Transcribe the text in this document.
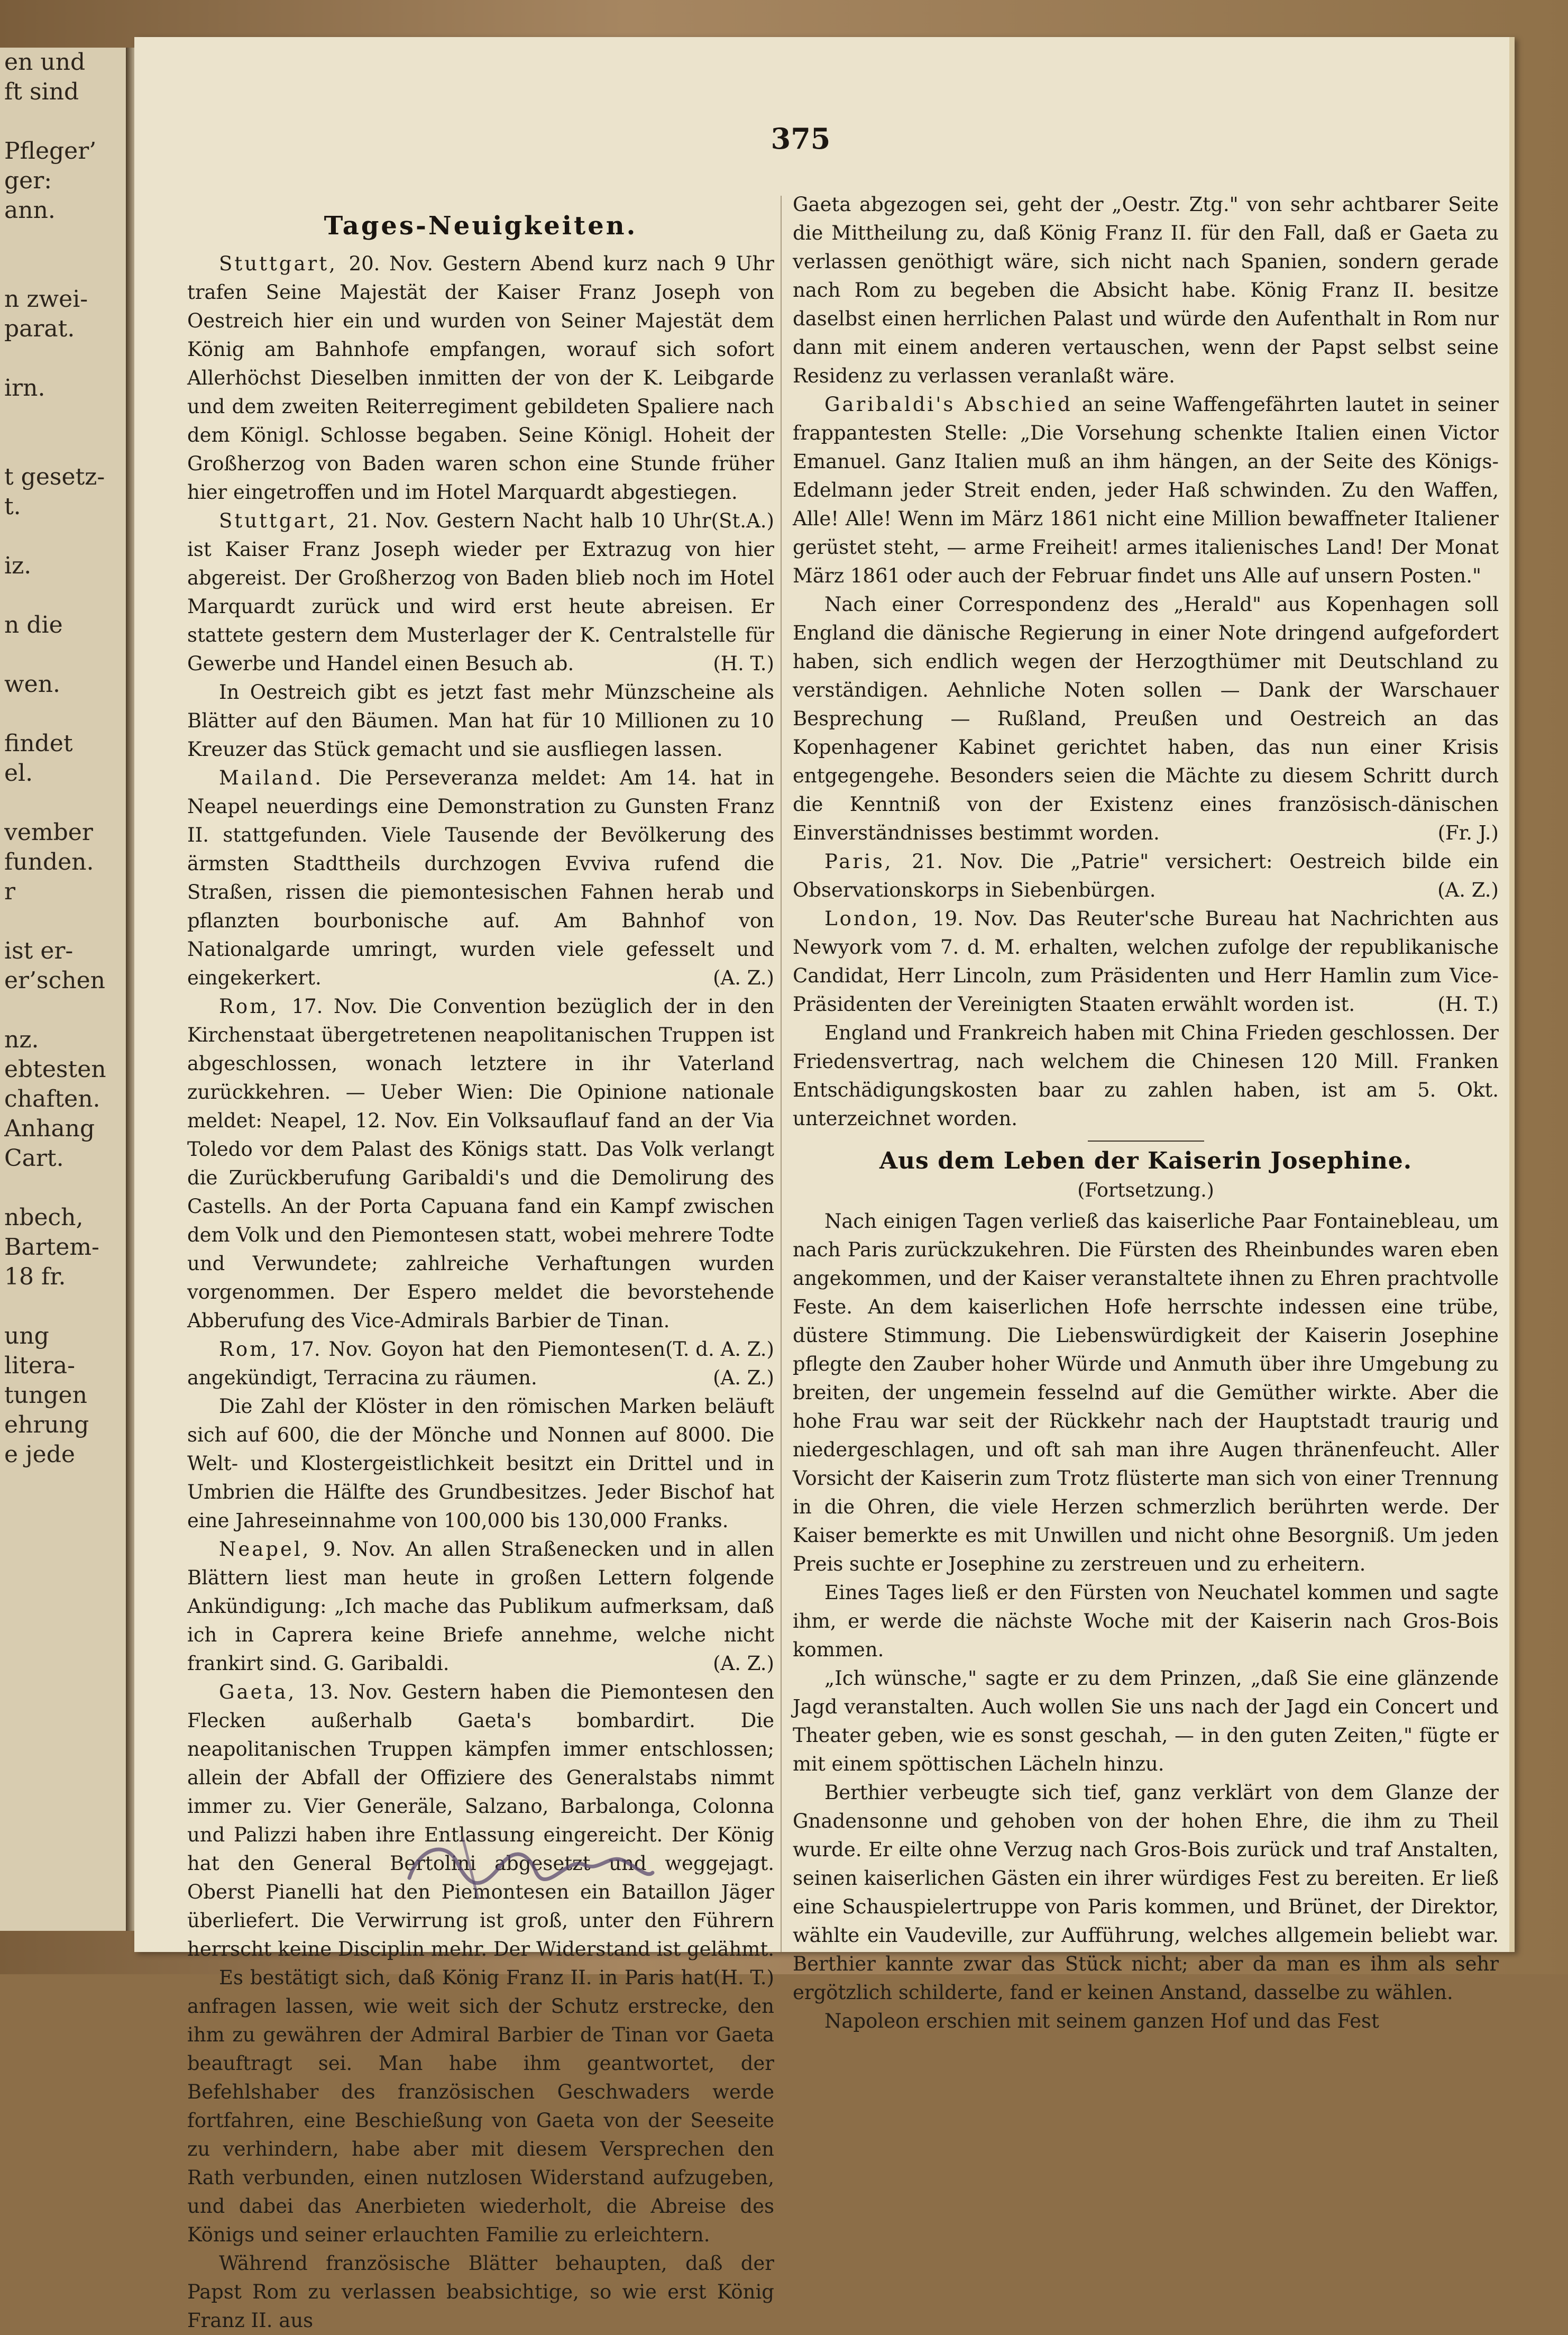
en und
ft sind
Pfleger’
ger:
ann.
n zwei‑
parat.
irn.
t gesetz‑
t.
iz.
n die
wen.
findet
el.
vember
funden.
r
ist er‑
er’schen
nz.
ebtesten
chaften.
Anhang
Cart.
nbech,
Bartem‑
18 fr.
ung
litera‑
tungen
ehrung
e jede
375
Tages-Neuigkeiten.

Stuttgart, 20. Nov. Gestern Abend kurz nach 9 Uhr trafen Seine Majestät der Kaiser Franz Joseph von Oestreich hier ein und wurden von Seiner Majestät dem König am Bahnhofe empfangen, worauf sich sofort Allerhöchst Dieselben inmitten der von der K. Leibgarde und dem zweiten Reiterregiment gebildeten Spaliere nach dem Königl. Schlosse begaben. Seine Königl. Hoheit der Großherzog von Baden waren schon eine Stunde früher hier eingetroffen und im Hotel Marquardt abgestiegen.
(St.A.)

Stuttgart, 21. Nov. Gestern Nacht halb 10 Uhr ist Kaiser Franz Joseph wieder per Extrazug von hier abgereist. Der Großherzog von Baden blieb noch im Hotel Marquardt zurück und wird erst heute abreisen. Er stattete gestern dem Musterlager der K. Centralstelle für Gewerbe und Handel einen Besuch ab.	(H. T.)

In Oestreich gibt es jetzt fast mehr Münzscheine als Blätter auf den Bäumen. Man hat für 10 Millionen zu 10 Kreuzer das Stück gemacht und sie ausfliegen lassen.

Mailand. Die Perseveranza meldet: Am 14. hat in Neapel neuerdings eine Demonstration zu Gunsten Franz II. stattgefunden. Viele Tausende der Bevölkerung des ärmsten Stadttheils durchzogen Evviva rufend die Straßen, rissen die piemontesischen Fahnen herab und pflanzten bourbonische auf. Am Bahnhof von Nationalgarde umringt, wurden viele gefesselt und eingekerkert.	(A. Z.)

Rom, 17. Nov. Die Convention bezüglich der in den Kirchenstaat übergetretenen neapolitanischen Truppen ist abgeschlossen, wonach letztere in ihr Vaterland zurückkehren. — Ueber Wien: Die Opinione nationale meldet: Neapel, 12. Nov. Ein Volksauflauf fand an der Via Toledo vor dem Palast des Königs statt. Das Volk verlangt die Zurückberufung Garibaldi's und die Demolirung des Castells. An der Porta Capuana fand ein Kampf zwischen dem Volk und den Piemontesen statt, wobei mehrere Todte und Verwundete; zahlreiche Verhaftungen wurden vorgenommen. Der Espero meldet die bevorstehende Abberufung des Vice-Admirals Barbier de Tinan.
(T. d. A. Z.)

Rom, 17. Nov. Goyon hat den Piemontesen angekündigt, Terracina zu räumen.	(A. Z.)

Die Zahl der Klöster in den römischen Marken beläuft sich auf 600, die der Mönche und Nonnen auf 8000. Die Welt- und Klostergeistlichkeit besitzt ein Drittel und in Umbrien die Hälfte des Grundbesitzes. Jeder Bischof hat eine Jahreseinnahme von 100,000 bis 130,000 Franks.

Neapel, 9. Nov. An allen Straßenecken und in allen Blättern liest man heute in großen Lettern folgende Ankündigung: „Ich mache das Publikum aufmerksam, daß ich in Caprera keine Briefe annehme, welche nicht frankirt sind. G. Garibaldi.	(A. Z.)

Gaeta, 13. Nov. Gestern haben die Piemontesen den Flecken außerhalb Gaeta's bombardirt. Die neapolitanischen Truppen kämpfen immer entschlossen; allein der Abfall der Offiziere des Generalstabs nimmt immer zu. Vier Generäle, Salzano, Barbalonga, Colonna und Palizzi haben ihre Entlassung eingereicht. Der König hat den General Bertolini abgesetzt und weggejagt. Oberst Pianelli hat den Piemontesen ein Bataillon Jäger überliefert. Die Verwirrung ist groß, unter den Führern herrscht keine Disciplin mehr. Der Widerstand ist gelähmt.
(H. T.)

Es bestätigt sich, daß König Franz II. in Paris hat anfragen lassen, wie weit sich der Schutz erstrecke, den ihm zu gewähren der Admiral Barbier de Tinan vor Gaeta beauftragt sei. Man habe ihm geantwortet, der Befehlshaber des französischen Geschwaders werde fortfahren, eine Beschießung von Gaeta von der Seeseite zu verhindern, habe aber mit diesem Versprechen den Rath verbunden, einen nutzlosen Widerstand aufzugeben, und dabei das Anerbieten wiederholt, die Abreise des Königs und seiner erlauchten Familie zu erleichtern.

Während französische Blätter behaupten, daß der Papst Rom zu verlassen beabsichtige, so wie erst König Franz II. aus

Gaeta abgezogen sei, geht der „Oestr. Ztg." von sehr achtbarer Seite die Mittheilung zu, daß König Franz II. für den Fall, daß er Gaeta zu verlassen genöthigt wäre, sich nicht nach Spanien, sondern gerade nach Rom zu begeben die Absicht habe. König Franz II. besitze daselbst einen herrlichen Palast und würde den Aufenthalt in Rom nur dann mit einem anderen vertauschen, wenn der Papst selbst seine Residenz zu verlassen veranlaßt wäre.

Garibaldi's Abschied an seine Waffengefährten lautet in seiner frappantesten Stelle: „Die Vorsehung schenkte Italien einen Victor Emanuel. Ganz Italien muß an ihm hängen, an der Seite des Königs-Edelmann jeder Streit enden, jeder Haß schwinden. Zu den Waffen, Alle! Alle! Wenn im März 1861 nicht eine Million bewaffneter Italiener gerüstet steht, — arme Freiheit! armes italienisches Land! Der Monat März 1861 oder auch der Februar findet uns Alle auf unsern Posten."

Nach einer Correspondenz des „Herald" aus Kopenhagen soll England die dänische Regierung in einer Note dringend aufgefordert haben, sich endlich wegen der Herzogthümer mit Deutschland zu verständigen. Aehnliche Noten sollen — Dank der Warschauer Besprechung — Rußland, Preußen und Oestreich an das Kopenhagener Kabinet gerichtet haben, das nun einer Krisis entgegengehe. Besonders seien die Mächte zu diesem Schritt durch die Kenntniß von der Existenz eines französisch-dänischen Einverständnisses bestimmt worden.	(Fr. J.)

Paris, 21. Nov. Die „Patrie" versichert: Oestreich bilde ein Observationskorps in Siebenbürgen.	(A. Z.)

London, 19. Nov. Das Reuter'sche Bureau hat Nachrichten aus Newyork vom 7. d. M. erhalten, welchen zufolge der republikanische Candidat, Herr Lincoln, zum Präsidenten und Herr Hamlin zum Vice-Präsidenten der Vereinigten Staaten erwählt worden ist.	(H. T.)

England und Frankreich haben mit China Frieden geschlossen. Der Friedensvertrag, nach welchem die Chinesen 120 Mill. Franken Entschädigungskosten baar zu zahlen haben, ist am 5. Okt. unterzeichnet worden.

Aus dem Leben der Kaiserin Josephine.
(Fortsetzung.)

Nach einigen Tagen verließ das kaiserliche Paar Fontainebleau, um nach Paris zurückzukehren. Die Fürsten des Rheinbundes waren eben angekommen, und der Kaiser veranstaltete ihnen zu Ehren prachtvolle Feste. An dem kaiserlichen Hofe herrschte indessen eine trübe, düstere Stimmung. Die Liebenswürdigkeit der Kaiserin Josephine pflegte den Zauber hoher Würde und Anmuth über ihre Umgebung zu breiten, der ungemein fesselnd auf die Gemüther wirkte. Aber die hohe Frau war seit der Rückkehr nach der Hauptstadt traurig und niedergeschlagen, und oft sah man ihre Augen thränenfeucht. Aller Vorsicht der Kaiserin zum Trotz flüsterte man sich von einer Trennung in die Ohren, die viele Herzen schmerzlich berührten werde. Der Kaiser bemerkte es mit Unwillen und nicht ohne Besorgniß. Um jeden Preis suchte er Josephine zu zerstreuen und zu erheitern.

Eines Tages ließ er den Fürsten von Neuchatel kommen und sagte ihm, er werde die nächste Woche mit der Kaiserin nach Gros-Bois kommen.

„Ich wünsche," sagte er zu dem Prinzen, „daß Sie eine glänzende Jagd veranstalten. Auch wollen Sie uns nach der Jagd ein Concert und Theater geben, wie es sonst geschah, — in den guten Zeiten," fügte er mit einem spöttischen Lächeln hinzu.

Berthier verbeugte sich tief, ganz verklärt von dem Glanze der Gnadensonne und gehoben von der hohen Ehre, die ihm zu Theil wurde. Er eilte ohne Verzug nach Gros-Bois zurück und traf Anstalten, seinen kaiserlichen Gästen ein ihrer würdiges Fest zu bereiten. Er ließ eine Schauspielertruppe von Paris kommen, und Brünet, der Direktor, wählte ein Vaudeville, zur Aufführung, welches allgemein beliebt war. Berthier kannte zwar das Stück nicht; aber da man es ihm als sehr ergötzlich schilderte, fand er keinen Anstand, dasselbe zu wählen.

Napoleon erschien mit seinem ganzen Hof und das Fest
